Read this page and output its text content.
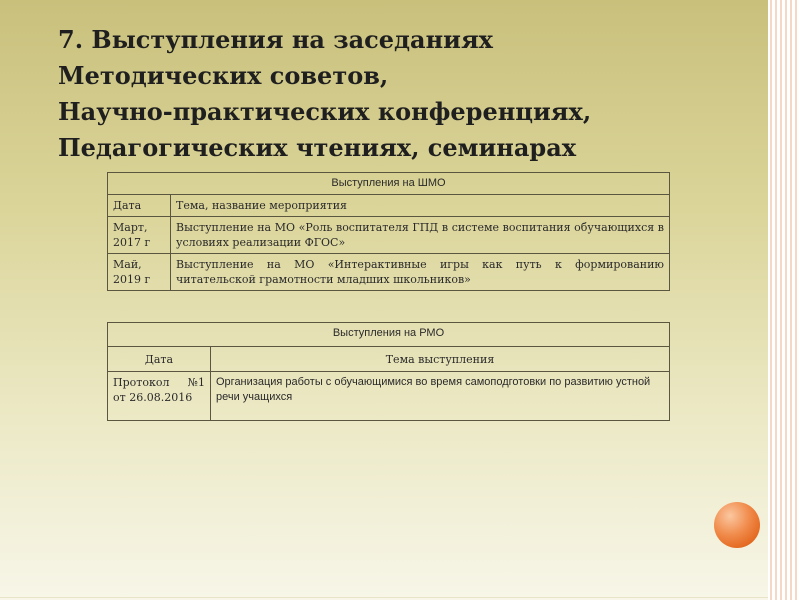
7. Выступления на заседаниях
Методических советов,
Научно-практических конференциях,
Педагогических чтениях, семинарах
Выступления на ШМО	
Дата	Тема, название мероприятия

Март,
2017 г	Выступление на МО «Роль воспитателя ГПД в системе воспитания обучающихся в условиях реализации ФГОС»

Май,
2019 г	Выступление на МО «Интерактивные игры как путь к формированию читательской грамотности младших школьников»
Выступления на РМО	
Дата	Тема выступления

Протокол №1
от 26.08.2016	Организация работы с обучающимися во время самоподготовки по развитию устной речи учащихся
